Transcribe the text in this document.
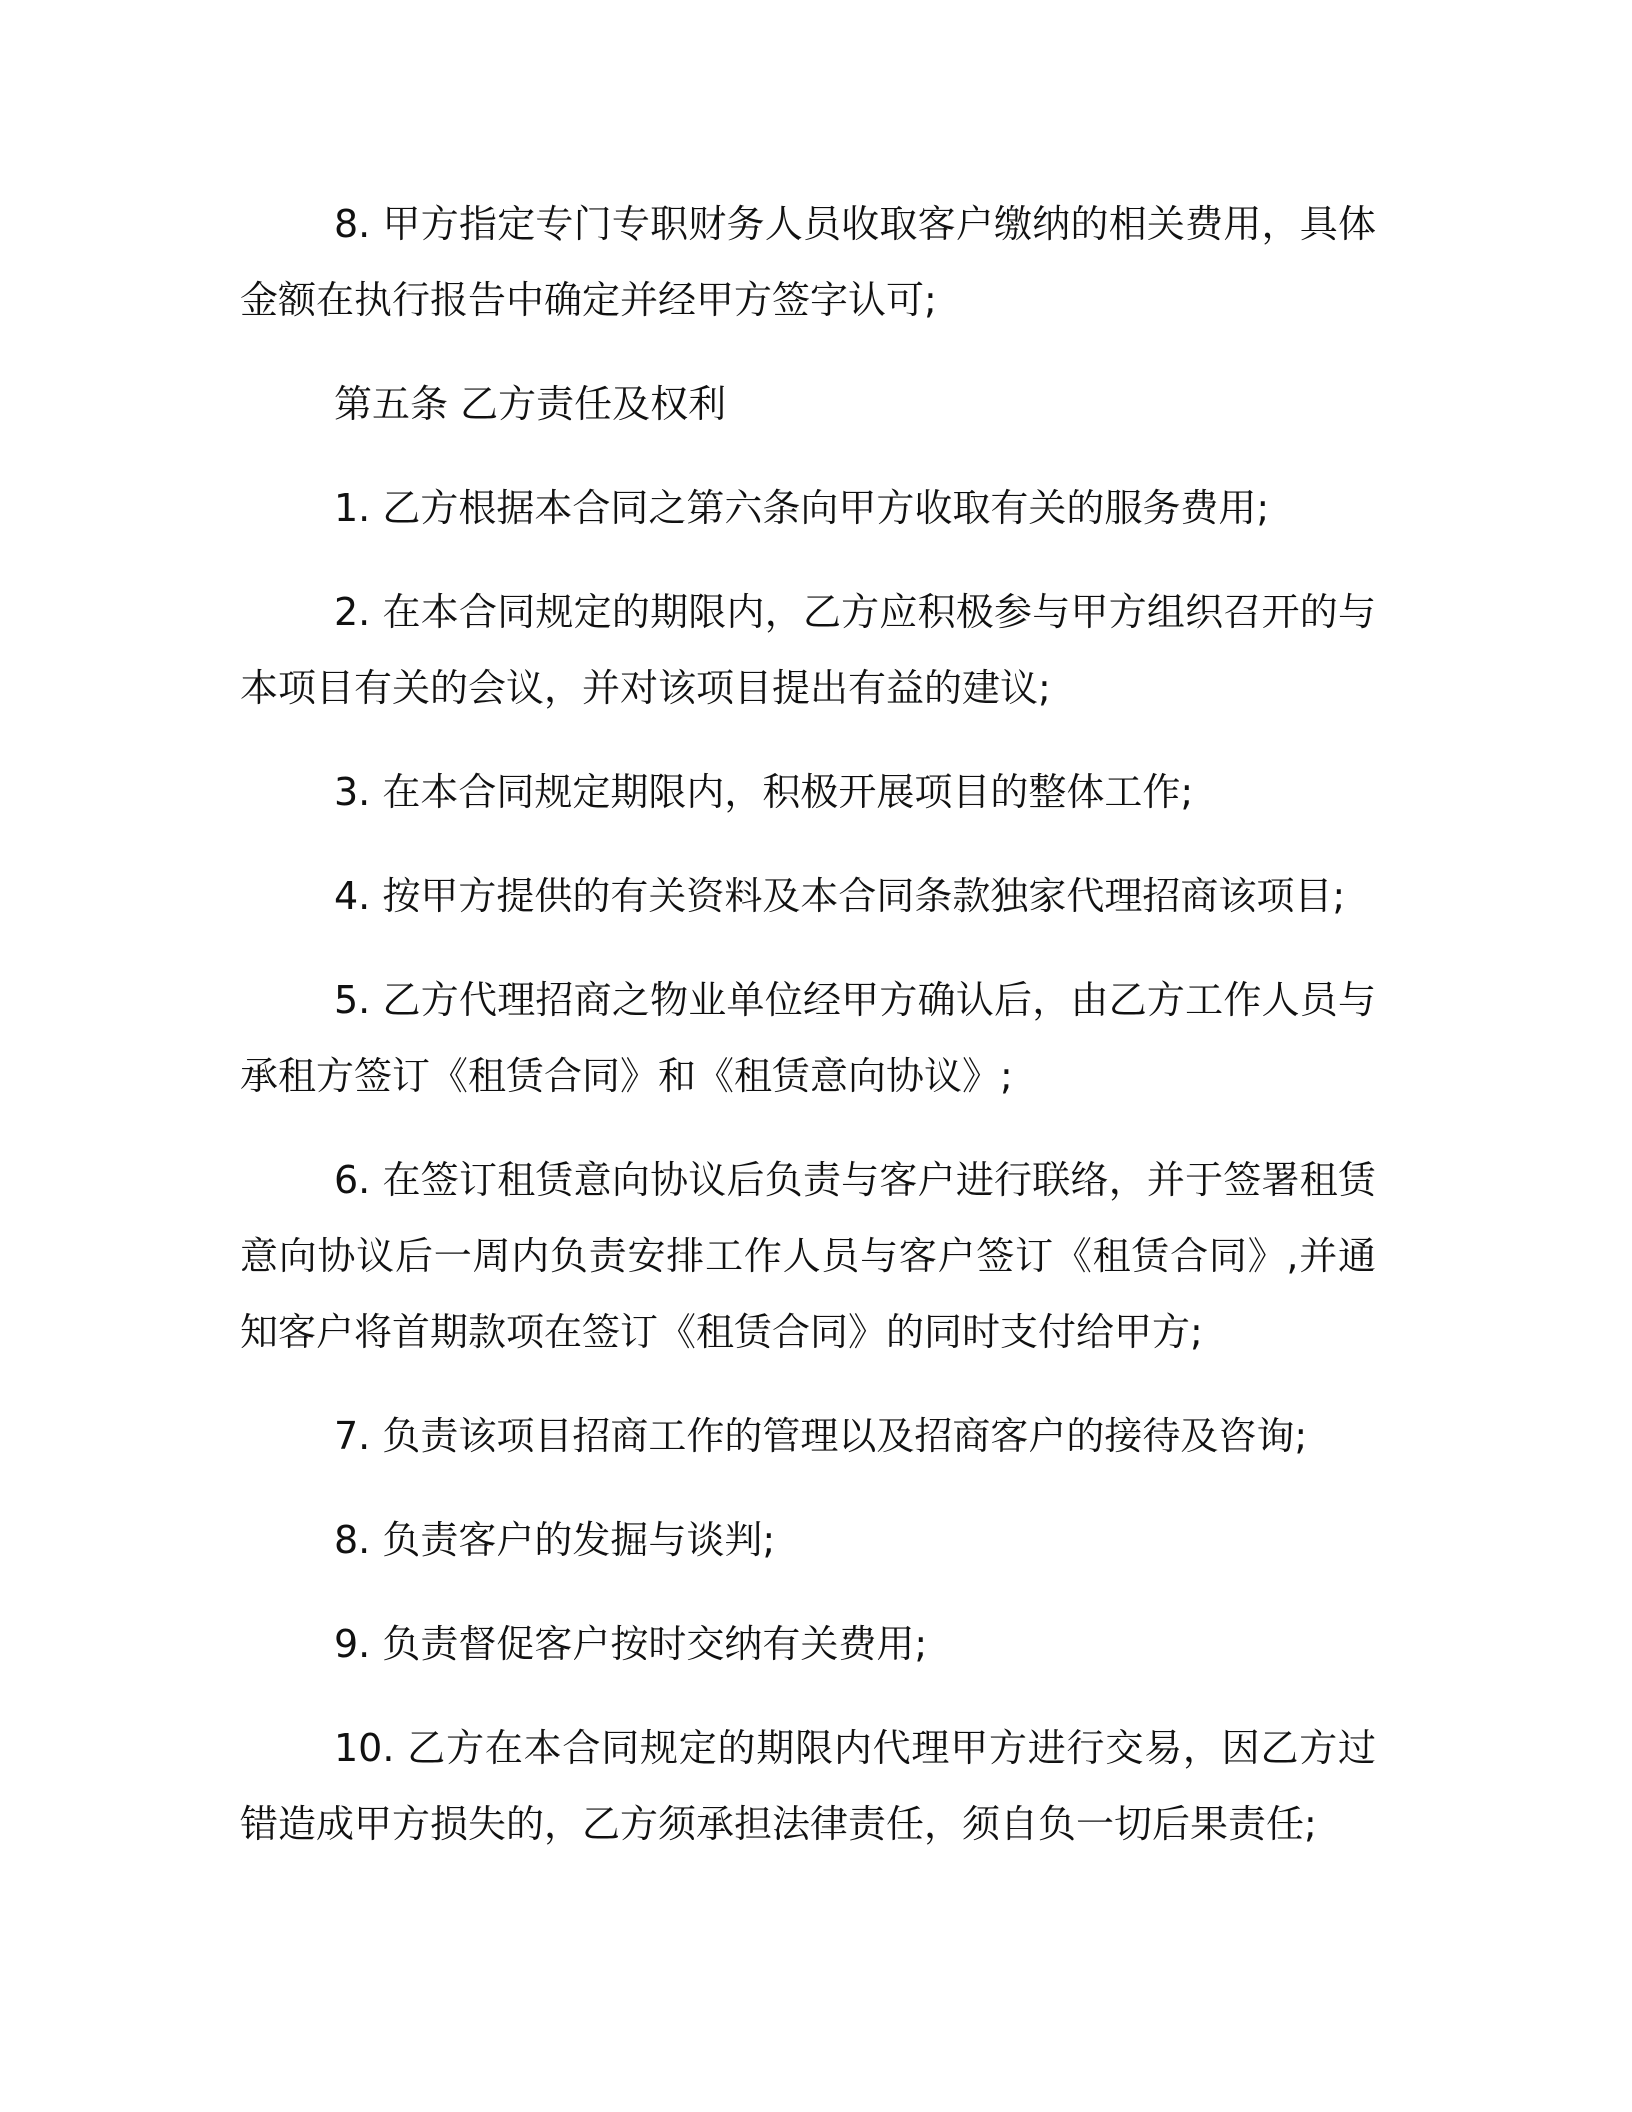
8. 甲方指定专门专职财务人员收取客户缴纳的相关费用，具体金额在执行报告中确定并经甲方签字认可;

第五条 乙方责任及权利

1. 乙方根据本合同之第六条向甲方收取有关的服务费用;

2. 在本合同规定的期限内，乙方应积极参与甲方组织召开的与本项目有关的会议，并对该项目提出有益的建议;

3. 在本合同规定期限内，积极开展项目的整体工作;

4. 按甲方提供的有关资料及本合同条款独家代理招商该项目;

5. 乙方代理招商之物业单位经甲方确认后，由乙方工作人员与承租方签订《租赁合同》和《租赁意向协议》;

6. 在签订租赁意向协议后负责与客户进行联络，并于签署租赁意向协议后一周内负责安排工作人员与客户签订《租赁合同》,并通知客户将首期款项在签订《租赁合同》的同时支付给甲方;

7. 负责该项目招商工作的管理以及招商客户的接待及咨询;

8. 负责客户的发掘与谈判;

9. 负责督促客户按时交纳有关费用;

10. 乙方在本合同规定的期限内代理甲方进行交易，因乙方过错造成甲方损失的，乙方须承担法律责任，须自负一切后果责任;
